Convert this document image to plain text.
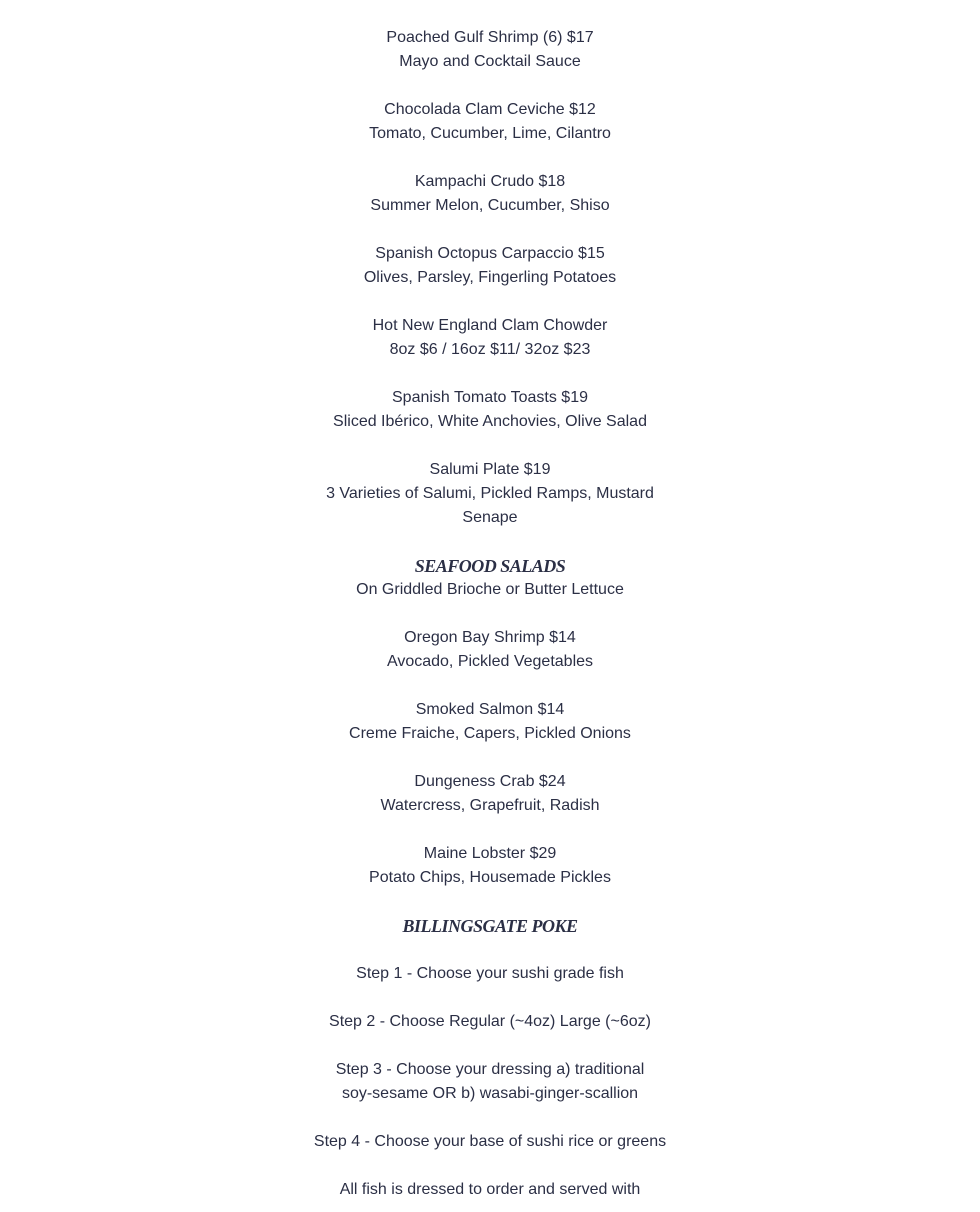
Poached Gulf Shrimp (6) $17
Mayo and Cocktail Sauce
Chocolada Clam Ceviche $12
Tomato, Cucumber, Lime, Cilantro
Kampachi Crudo $18
Summer Melon, Cucumber, Shiso
Spanish Octopus Carpaccio $15
Olives, Parsley, Fingerling Potatoes
Hot New England Clam Chowder
8oz $6 / 16oz $11/ 32oz $23
Spanish Tomato Toasts $19
Sliced Ibérico, White Anchovies, Olive Salad
Salumi Plate $19
3 Varieties of Salumi, Pickled Ramps, Mustard Senape
SEAFOOD SALADS
On Griddled Brioche or Butter Lettuce
Oregon Bay Shrimp $14
Avocado, Pickled Vegetables
Smoked Salmon $14
Creme Fraiche, Capers, Pickled Onions
Dungeness Crab $24
Watercress, Grapefruit, Radish
Maine Lobster $29
Potato Chips, Housemade Pickles
BILLINGSGATE POKE
Step 1 - Choose your sushi grade fish
Step 2 - Choose Regular (~4oz) Large (~6oz)
Step 3 - Choose your dressing a) traditional soy-sesame OR b) wasabi-ginger-scallion
Step 4 - Choose your base of sushi rice or greens
All fish is dressed to order and served with
